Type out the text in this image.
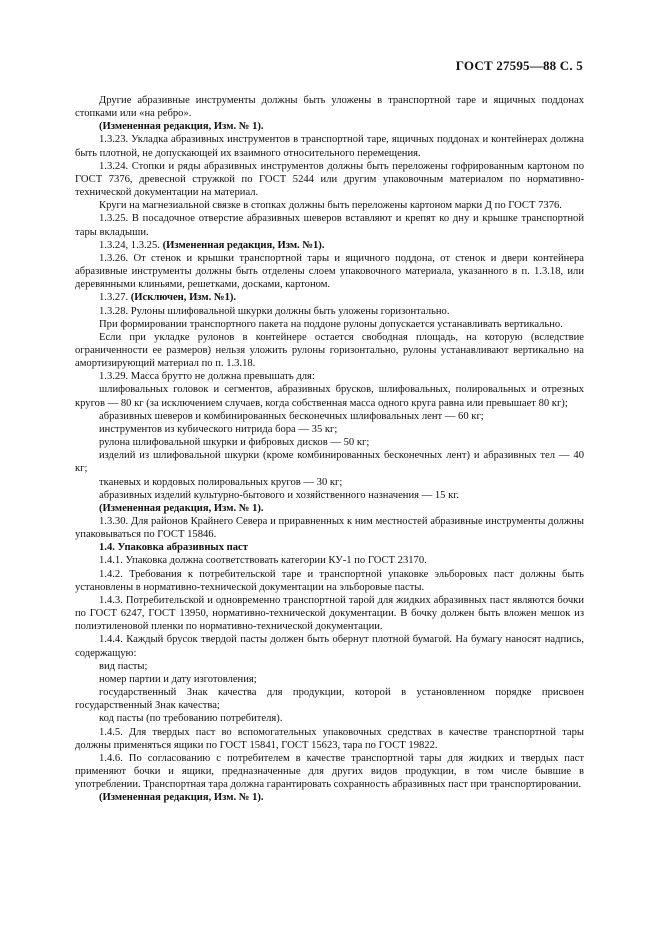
ГОСТ 27595—88 С. 5

Другие абразивные инструменты должны быть уложены в транспортной таре и ящичных поддонах стопками или «на ребро».

(Измененная редакция, Изм. № 1).

1.3.23. Укладка абразивных инструментов в транспортной таре, ящичных поддонах и контейнерах должна быть плотной, не допускающей их взаимного относительного перемещения.

1.3.24. Стопки и ряды абразивных инструментов должны быть переложены гофрированным картоном по ГОСТ 7376, древесной стружкой по ГОСТ 5244 или другим упаковочным материалом по нормативно-технической документации на материал.

Круги на магнезиальной связке в стопках должны быть переложены картоном марки Д по ГОСТ 7376.

1.3.25. В посадочное отверстие абразивных шеверов вставляют и крепят ко дну и крышке транспортной тары вкладыши.

1.3.24, 1.3.25. (Измененная редакция, Изм. №1).

1.3.26. От стенок и крышки транспортной тары и ящичного поддона, от стенок и двери контейнера абразивные инструменты должны быть отделены слоем упаковочного материала, указанного в п. 1.3.18, или деревянными клиньями, решетками, досками, картоном.

1.3.27. (Исключен, Изм. №1).

1.3.28. Рулоны шлифовальной шкурки должны быть уложены горизонтально.

При формировании транспортного пакета на поддоне рулоны допускается устанавливать вертикально.

Если при укладке рулонов в контейнере остается свободная площадь, на которую (вследствие ограниченности ее размеров) нельзя уложить рулоны горизонтально, рулоны устанавливают вертикально на амортизирующий материал по п. 1.3.18.

1.3.29. Масса брутто не должна превышать для:

шлифовальных головок и сегментов, абразивных брусков, шлифовальных, полировальных и отрезных кругов — 80 кг (за исключением случаев, когда собственная масса одного круга равна или превышает 80 кг);

абразивных шеверов и комбинированных бесконечных шлифовальных лент — 60 кг;

инструментов из кубического нитрида бора — 35 кг;

рулона шлифовальной шкурки и фибровых дисков — 50 кг;

изделий из шлифовальной шкурки (кроме комбинированных бесконечных лент) и абразивных тел — 40 кг;

тканевых и кордовых полировальных кругов — 30 кг;

абразивных изделий культурно-бытового и хозяйственного назначения — 15 кг.

(Измененная редакция, Изм. № 1).

1.3.30. Для районов Крайнего Севера и приравненных к ним местностей абразивные инструменты должны упаковываться по ГОСТ 15846.

1.4. Упаковка абразивных паст

1.4.1. Упаковка должна соответствовать категории КУ-1 по ГОСТ 23170.

1.4.2. Требования к потребительской таре и транспортной упаковке эльборовых паст должны быть установлены в нормативно-технической документации на эльборовые пасты.

1.4.3. Потребительской и одновременно транспортной тарой для жидких абразивных паст являются бочки по ГОСТ 6247, ГОСТ 13950, нормативно-технической документации. В бочку должен быть вложен мешок из полиэтиленовой пленки по нормативно-технической документации.

1.4.4. Каждый брусок твердой пасты должен быть обернут плотной бумагой. На бумагу наносят надпись, содержащую:

вид пасты;

номер партии и дату изготовления;

государственный Знак качества для продукции, которой в установленном порядке присвоен государственный Знак качества;

код пасты (по требованию потребителя).

1.4.5. Для твердых паст во вспомогательных упаковочных средствах в качестве транспортной тары должны применяться ящики по ГОСТ 15841, ГОСТ 15623, тара по ГОСТ 19822.

1.4.6. По согласованию с потребителем в качестве транспортной тары для жидких и твердых паст применяют бочки и ящики, предназначенные для других видов продукции, в том числе бывшие в употреблении. Транспортная тара должна гарантировать сохранность абразивных паст при транспортировании.

(Измененная редакция, Изм. № 1).
